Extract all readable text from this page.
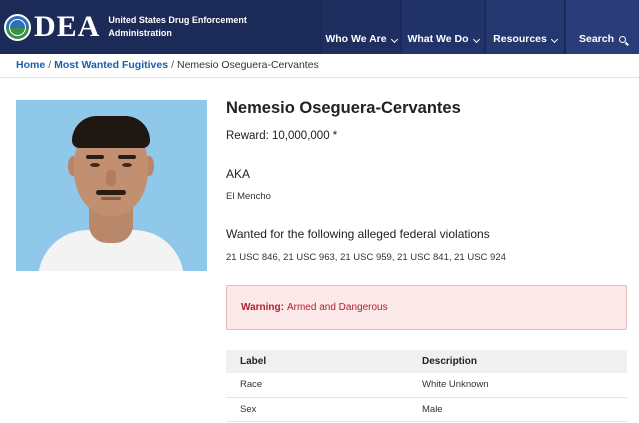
DEA United States Drug Enforcement
Administration	Who We Are What We Do Resources	Search
Home / Most Wanted Fugitives / Nemesio Oseguera-Cervantes
Nemesio Oseguera-Cervantes
Reward: 10,000,000 *
AKA
El Mencho
Wanted for the following alleged federal violations
21 USC 846, 21 USC 963, 21 USC 959, 21 USC 841, 21 USC 924
Warning: Armed and Dangerous
Label	Description
Race	White Unknown
Sex	Male
